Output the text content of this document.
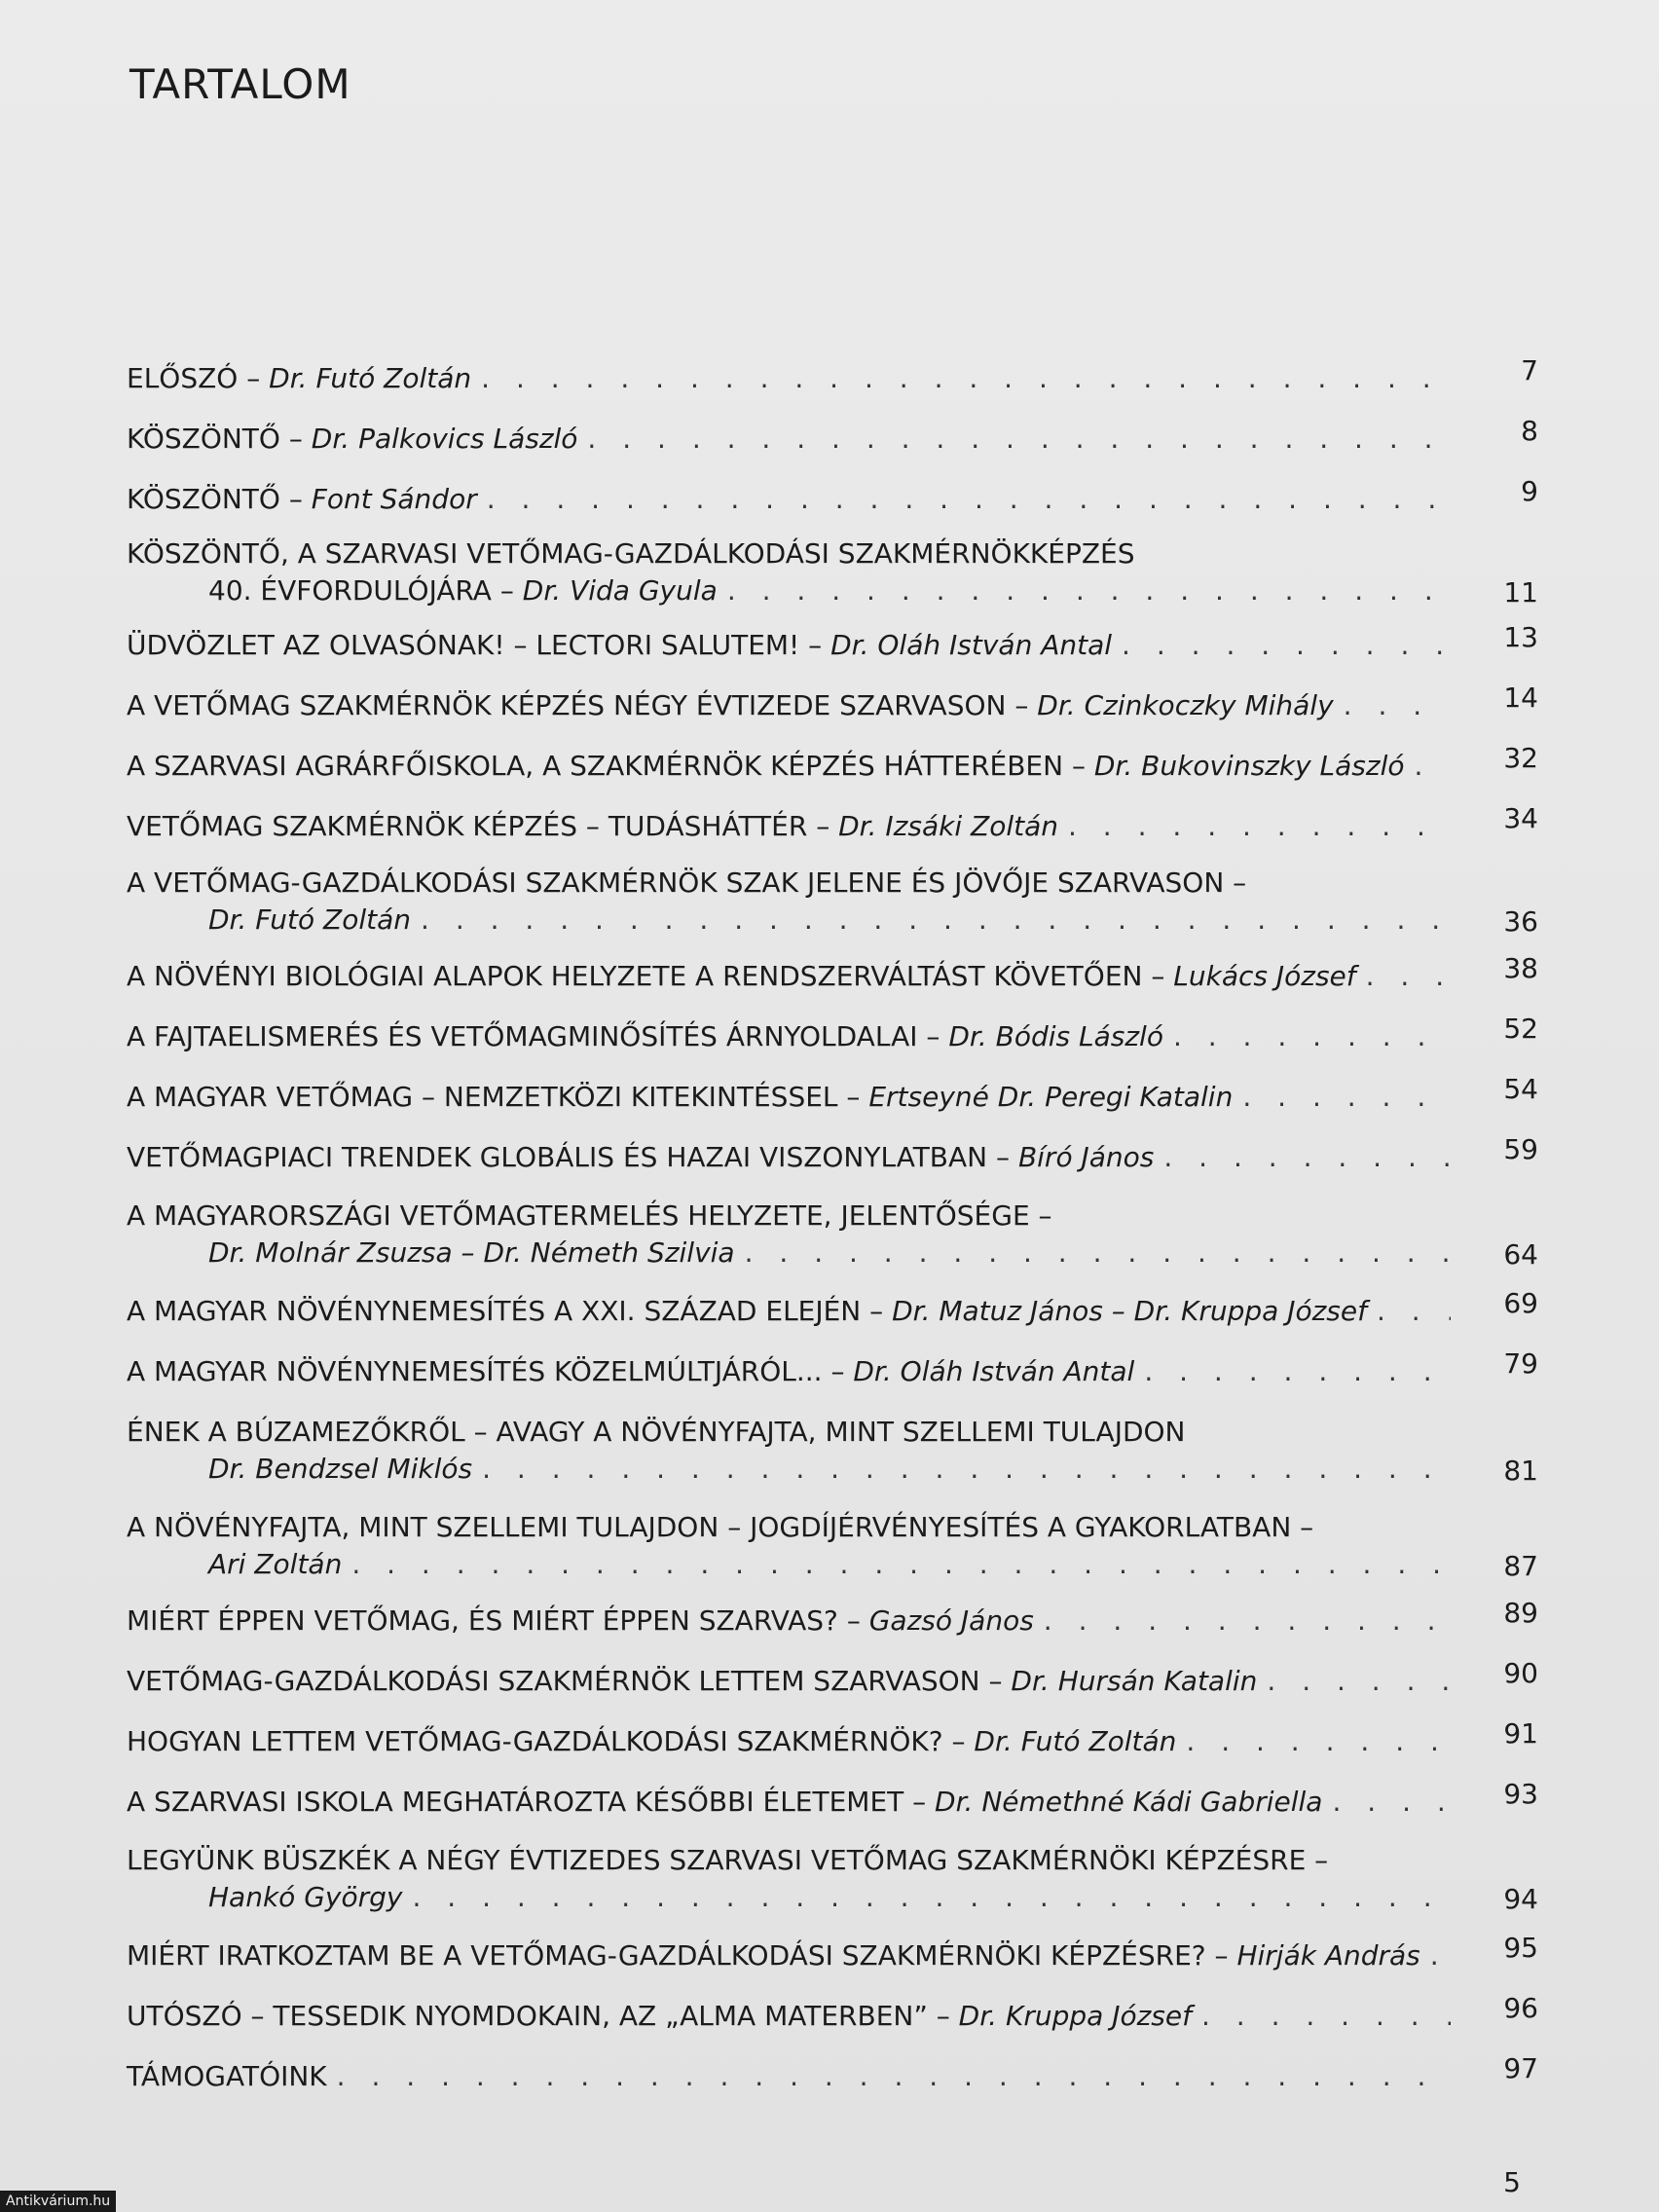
TARTALOM
ELŐSZÓ – Dr. Futó Zoltán . . .	7
KÖSZÖNTŐ – Dr. Palkovics László . . .	8
KÖSZÖNTŐ – Font Sándor . . .	9
KÖSZÖNTŐ, A SZARVASI VETŐMAG-GAZDÁLKODÁSI SZAKMÉRNÖKKÉPZÉS
40. ÉVFORDULÓJÁRA – Dr. Vida Gyula . . .	11
ÜDVÖZLET AZ OLVASÓNAK! – LECTORI SALUTEM! – Dr. Oláh István Antal . . .	13
A VETŐMAG SZAKMÉRNÖK KÉPZÉS NÉGY ÉVTIZEDE SZARVASON – Dr. Czinkoczky Mihály . . .	14
A SZARVASI AGRÁRFŐISKOLA, A SZAKMÉRNÖK KÉPZÉS HÁTTERÉBEN – Dr. Bukovinszky László . . .	32
VETŐMAG SZAKMÉRNÖK KÉPZÉS – TUDÁSHÁTTÉR – Dr. Izsáki Zoltán . . .	34
A VETŐMAG-GAZDÁLKODÁSI SZAKMÉRNÖK SZAK JELENE ÉS JÖVŐJE SZARVASON –
Dr. Futó Zoltán . . .	36
A NÖVÉNYI BIOLÓGIAI ALAPOK HELYZETE A RENDSZERVÁLTÁST KÖVETŐEN – Lukács József . . .	38
A FAJTAELISMERÉS ÉS VETŐMAGMINŐSÍTÉS ÁRNYOLDALAI – Dr. Bódis László . . .	52
A MAGYAR VETŐMAG – NEMZETKÖZI KITEKINTÉSSEL – Ertseyné Dr. Peregi Katalin . . .	54
VETŐMAGPIACI TRENDEK GLOBÁLIS ÉS HAZAI VISZONYLATBAN – Bíró János . . .	59
A MAGYARORSZÁGI VETŐMAGTERMELÉS HELYZETE, JELENTŐSÉGE –
Dr. Molnár Zsuzsa – Dr. Németh Szilvia . . .	64
A MAGYAR NÖVÉNYNEMESÍTÉS A XXI. SZÁZAD ELEJÉN – Dr. Matuz János – Dr. Kruppa József . . .	69
A MAGYAR NÖVÉNYNEMESÍTÉS KÖZELMÚLTJÁRÓL... – Dr. Oláh István Antal . . .	79
ÉNEK A BÚZAMEZŐKRŐL – AVAGY A NÖVÉNYFAJTA, MINT SZELLEMI TULAJDON
Dr. Bendzsel Miklós . . .	81
A NÖVÉNYFAJTA, MINT SZELLEMI TULAJDON – JOGDÍJÉRVÉNYESÍTÉS A GYAKORLATBAN –
Ari Zoltán . . .	87
MIÉRT ÉPPEN VETŐMAG, ÉS MIÉRT ÉPPEN SZARVAS? – Gazsó János . . .	89
VETŐMAG-GAZDÁLKODÁSI SZAKMÉRNÖK LETTEM SZARVASON – Dr. Hursán Katalin . . .	90
HOGYAN LETTEM VETŐMAG-GAZDÁLKODÁSI SZAKMÉRNÖK? – Dr. Futó Zoltán . . .	91
A SZARVASI ISKOLA MEGHATÁROZTA KÉSŐBBI ÉLETEMET – Dr. Némethné Kádi Gabriella . . .	93
LEGYÜNK BÜSZKÉK A NÉGY ÉVTIZEDES SZARVASI VETŐMAG SZAKMÉRNÖKI KÉPZÉSRE –
Hankó György . . .	94
MIÉRT IRATKOZTAM BE A VETŐMAG-GAZDÁLKODÁSI SZAKMÉRNÖKI KÉPZÉSRE? – Hirják András . . .	95
UTÓSZÓ – TESSEDIK NYOMDOKAIN, AZ „ALMA MATERBEN” – Dr. Kruppa József . . .	96
TÁMOGATÓINK . . .	97
5
Antikvárium.hu
